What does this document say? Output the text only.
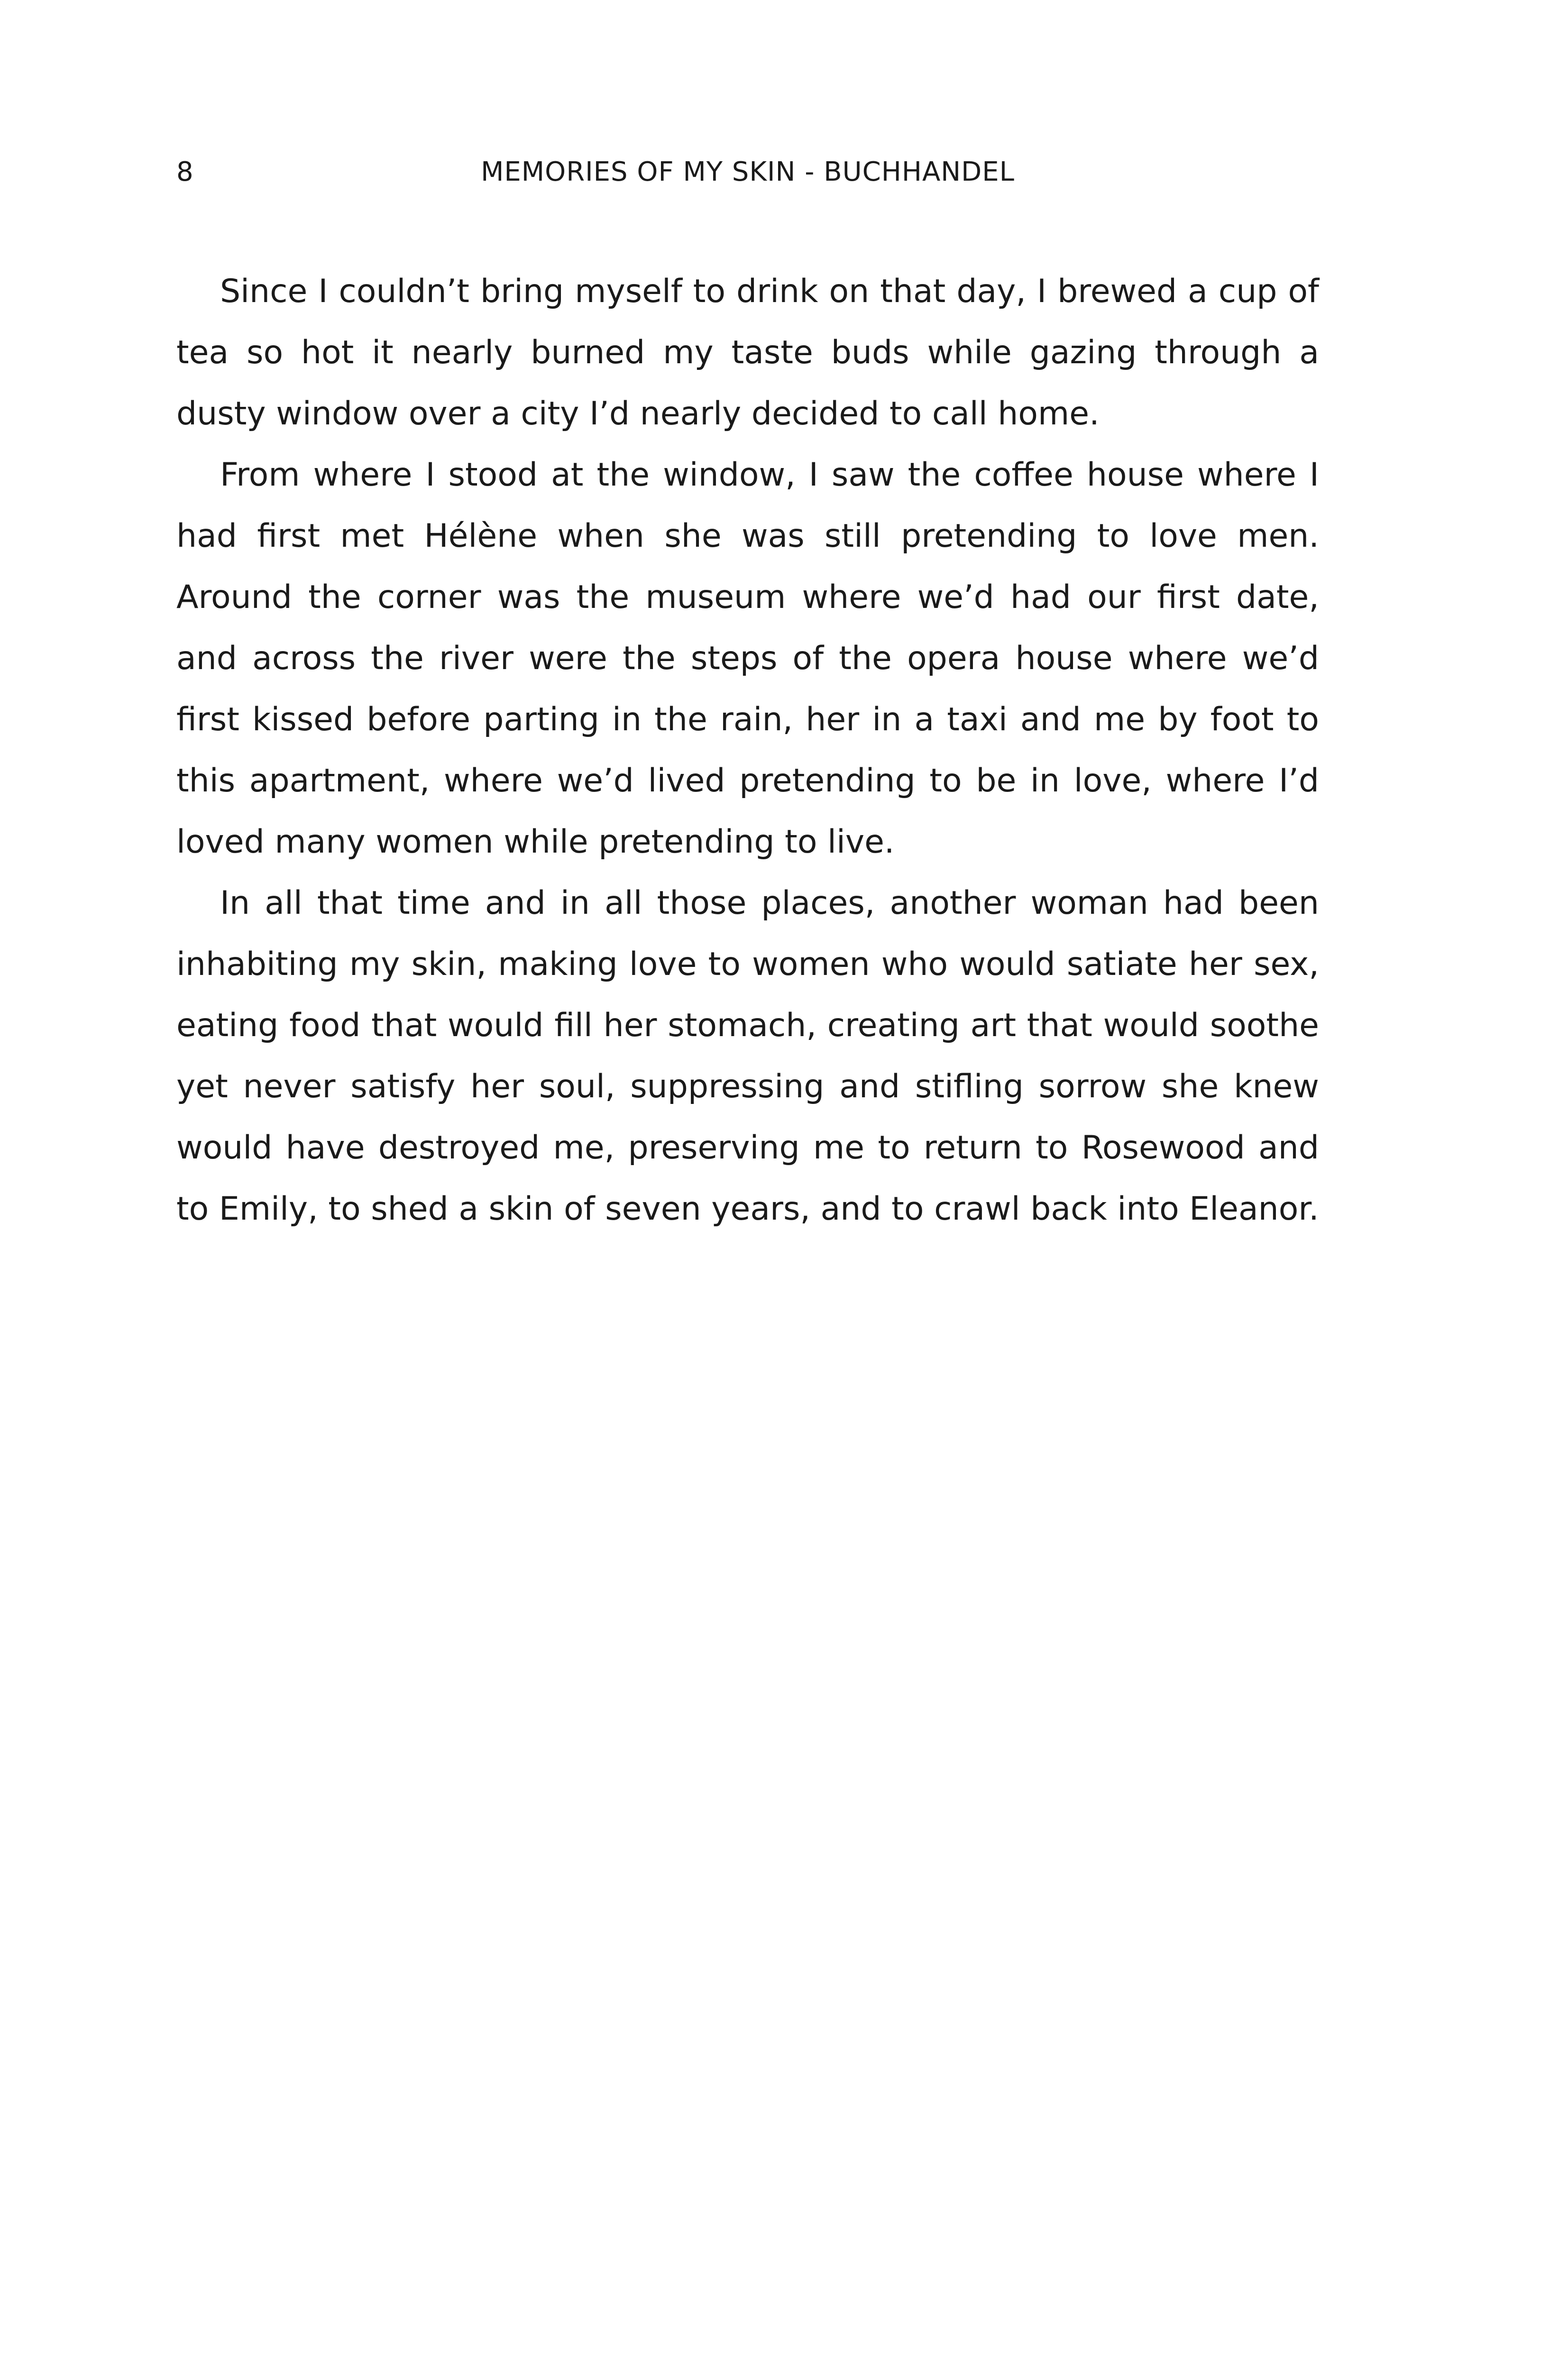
8	MEMORIES OF MY SKIN - BUCHHANDEL

Since I couldn’t bring myself to drink on that day, I brewed a cup of tea so hot it nearly burned my taste buds while gazing through a dusty window over a city I’d nearly decided to call home.

From where I stood at the window, I saw the coffee house where I had first met Hélène when she was still pretending to love men. Around the corner was the museum where we’d had our first date, and across the river were the steps of the opera house where we’d first kissed before parting in the rain, her in a taxi and me by foot to this apartment, where we’d lived pretending to be in love, where I’d loved many women while pretending to live.

In all that time and in all those places, another woman had been inhabiting my skin, making love to women who would satiate her sex, eating food that would fill her stomach, creating art that would soothe yet never satisfy her soul, suppressing and stifling sorrow she knew would have destroyed me, preserving me to return to Rosewood and to Emily, to shed a skin of seven years, and to crawl back into Eleanor.
